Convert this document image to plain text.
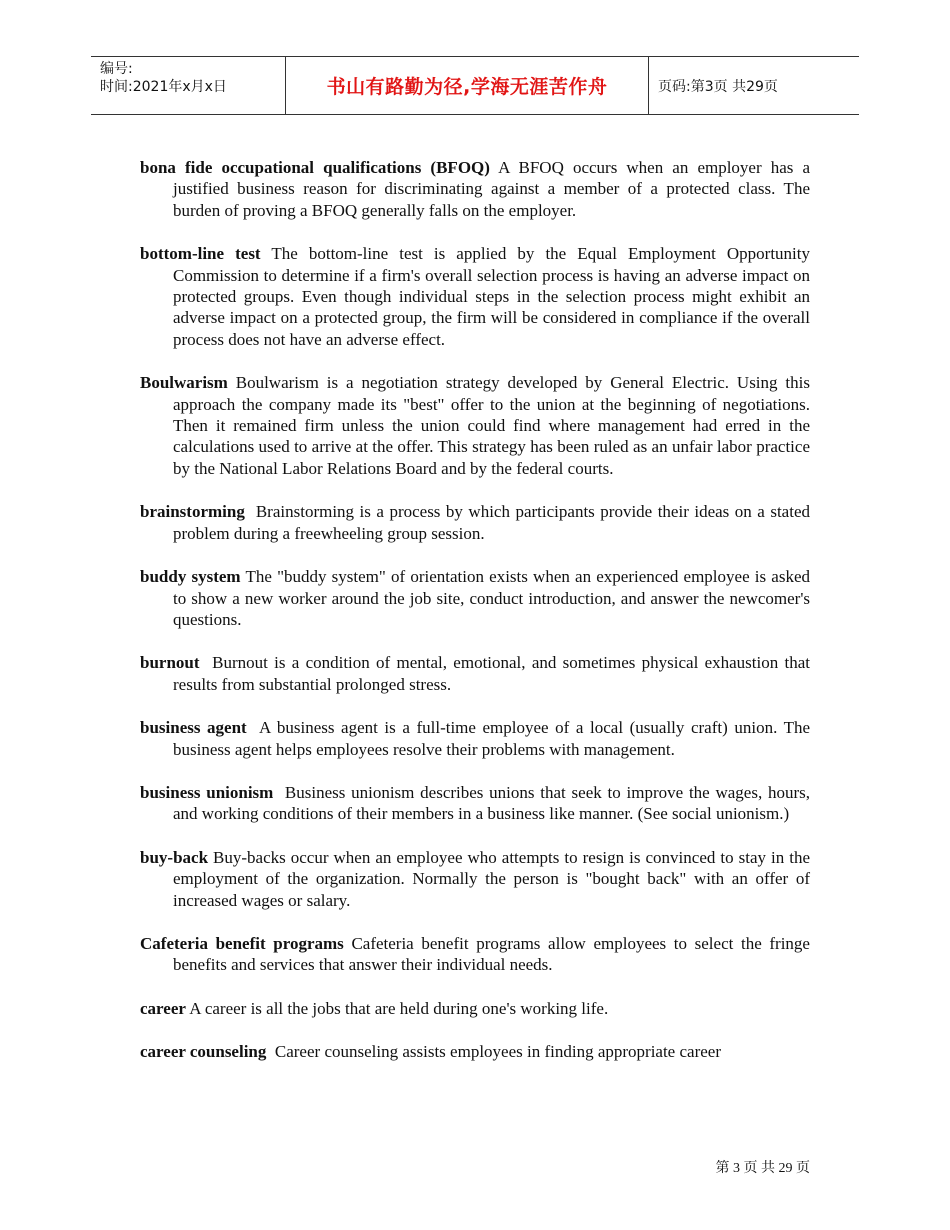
编号:
时间:2021年x月x日	书山有路勤为径,学海无涯苦作舟	页码:第3页 共29页

bona fide occupational qualifications (BFOQ) A BFOQ occurs when an employer has a justified business reason for discriminating against a member of a protected class. The burden of proving a BFOQ generally falls on the employer.

bottom-line test The bottom-line test is applied by the Equal Employment Opportunity Commission to determine if a firm's overall selection process is having an adverse impact on protected groups. Even though individual steps in the selection process might exhibit an adverse impact on a protected group, the firm will be considered in compliance if the overall process does not have an adverse effect.

Boulwarism Boulwarism is a negotiation strategy developed by General Electric. Using this approach the company made its "best" offer to the union at the beginning of negotiations. Then it remained firm unless the union could find where management had erred in the calculations used to arrive at the offer. This strategy has been ruled as an unfair labor practice by the National Labor Relations Board and by the federal courts.

brainstorming Brainstorming is a process by which participants provide their ideas on a stated problem during a freewheeling group session.

buddy system The "buddy system" of orientation exists when an experienced employee is asked to show a new worker around the job site, conduct introduction, and answer the newcomer's questions.

burnout Burnout is a condition of mental, emotional, and sometimes physical exhaustion that results from substantial prolonged stress.

business agent A business agent is a full-time employee of a local (usually craft) union. The business agent helps employees resolve their problems with management.

business unionism Business unionism describes unions that seek to improve the wages, hours, and working conditions of their members in a business like manner. (See social unionism.)

buy-back Buy-backs occur when an employee who attempts to resign is convinced to stay in the employment of the organization. Normally the person is "bought back" with an offer of increased wages or salary.

Cafeteria benefit programs Cafeteria benefit programs allow employees to select the fringe benefits and services that answer their individual needs.

career A career is all the jobs that are held during one's working life.

career counseling Career counseling assists employees in finding appropriate career

第 3 页 共 29 页
